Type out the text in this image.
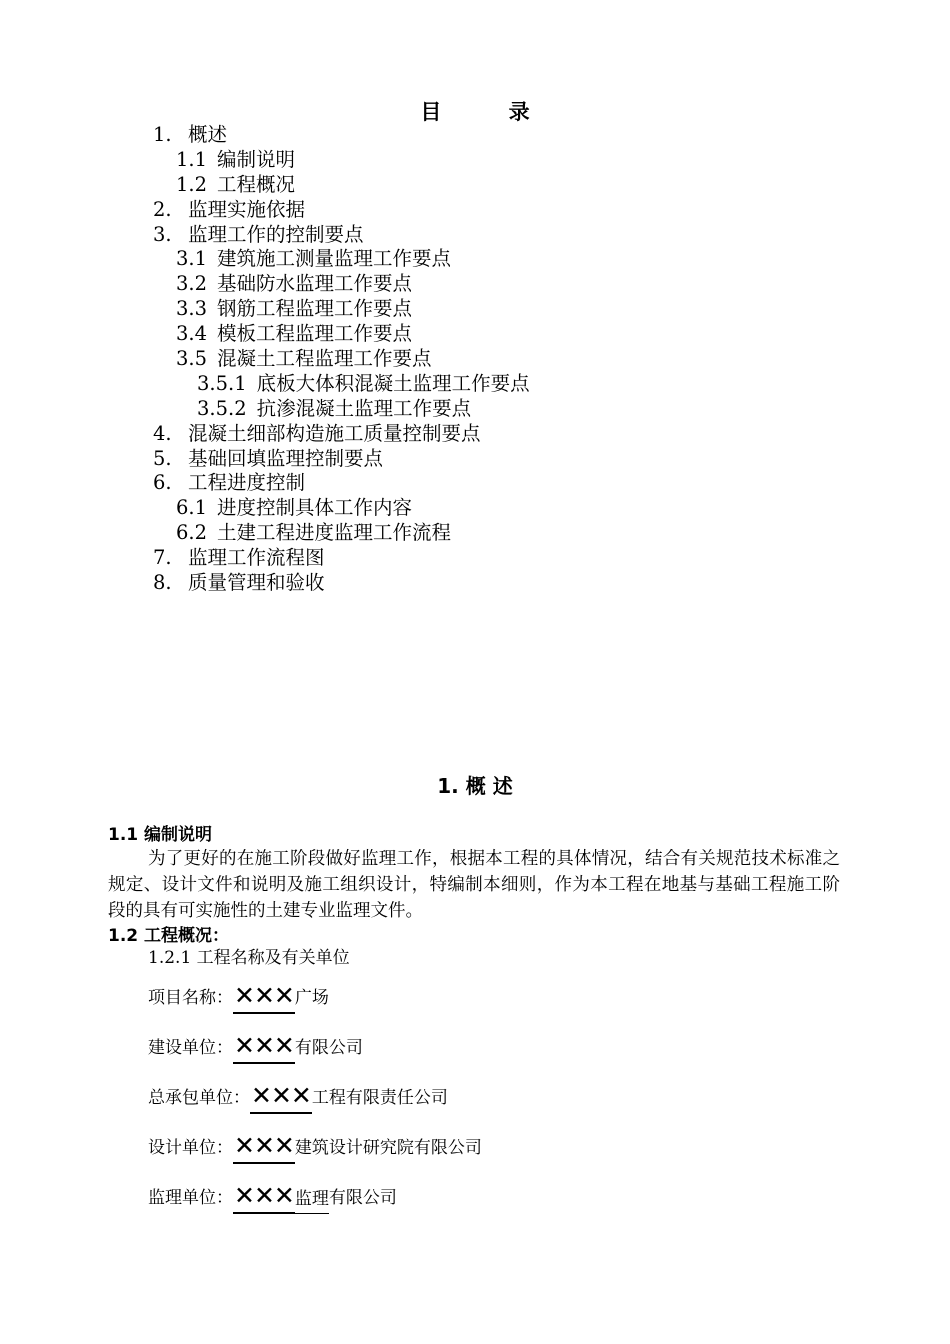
目 录
1. 概述
1.1 编制说明
1.2 工程概况
2. 监理实施依据
3. 监理工作的控制要点
3.1 建筑施工测量监理工作要点
3.2 基础防水监理工作要点
3.3 钢筋工程监理工作要点
3.4 模板工程监理工作要点
3.5 混凝土工程监理工作要点
3.5.1 底板大体积混凝土监理工作要点
3.5.2 抗渗混凝土监理工作要点
4. 混凝土细部构造施工质量控制要点
5. 基础回填监理控制要点
6. 工程进度控制
6.1 进度控制具体工作内容
6.2 土建工程进度监理工作流程
7. 监理工作流程图
8. 质量管理和验收
1. 概 述
1.1 编制说明
为了更好的在施工阶段做好监理工作，根据本工程的具体情况，结合有关规范技术标准之规定、设计文件和说明及施工组织设计，特编制本细则，作为本工程在地基与基础工程施工阶段的具有可实施性的土建专业监理文件。
1.2 工程概况：
1.2.1 工程名称及有关单位
项目名称： ✕✕✕ 广场
建设单位： ✕✕✕ 有限公司
总承包单位： ✕✕✕ 工程有限责任公司
设计单位： ✕✕✕ 建筑设计研究院有限公司
监理单位： ✕✕✕ 监理 有限公司
